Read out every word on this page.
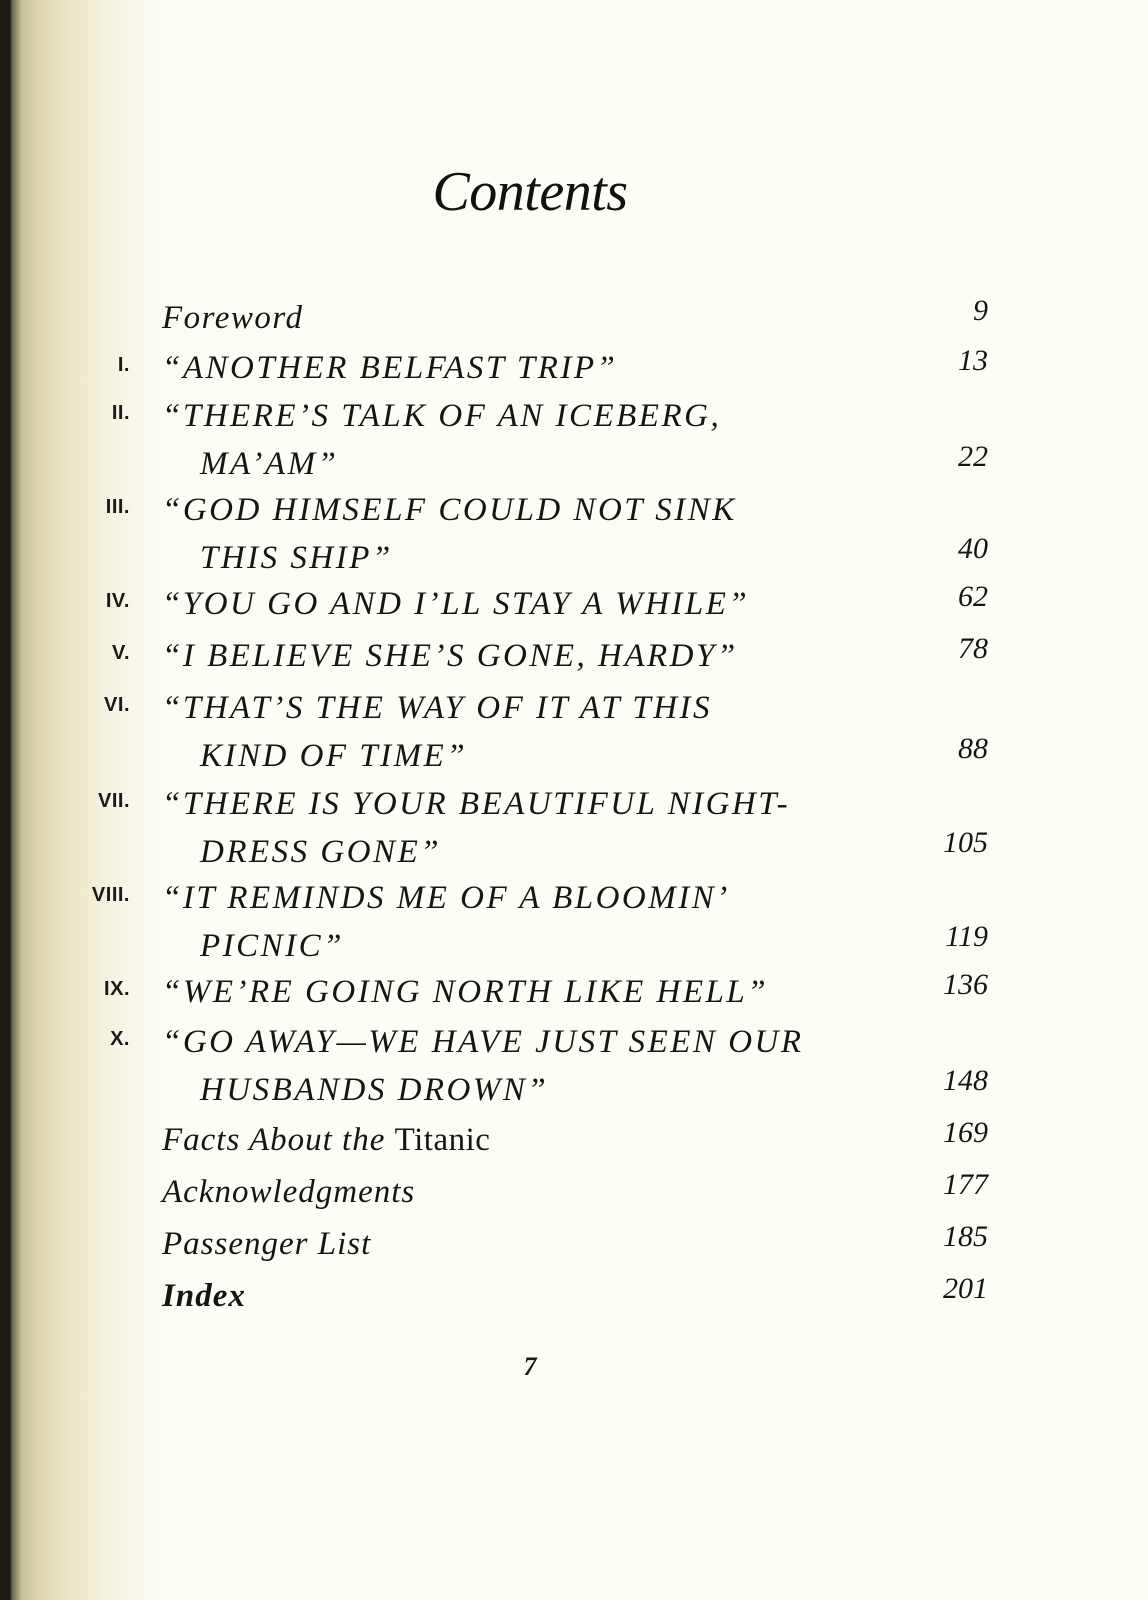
Contents
Foreword	9
I. “ANOTHER BELFAST TRIP”	13
II. “THERE’S TALK OF AN ICEBERG,
MA’AM”	22
III. “GOD HIMSELF COULD NOT SINK
THIS SHIP”	40
IV. “YOU GO AND I’LL STAY A WHILE”	62
V. “I BELIEVE SHE’S GONE, HARDY”	78
VI. “THAT’S THE WAY OF IT AT THIS
KIND OF TIME”	88
VII. “THERE IS YOUR BEAUTIFUL NIGHT-
DRESS GONE”	105
VIII. “IT REMINDS ME OF A BLOOMIN’
PICNIC”	119
IX. “WE’RE GOING NORTH LIKE HELL”	136
X. “GO AWAY—WE HAVE JUST SEEN OUR
HUSBANDS DROWN”	148
Facts About the Titanic	169
Acknowledgments	177
Passenger List	185
Index	201
7
